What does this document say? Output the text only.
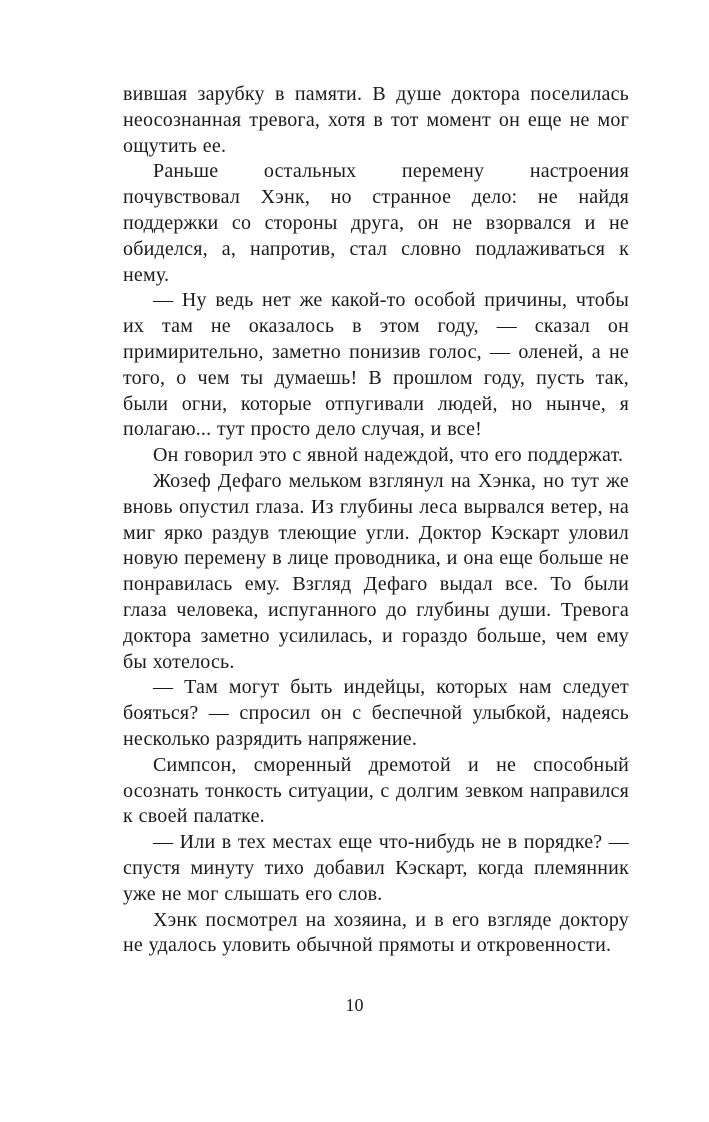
вившая зарубку в памяти. В душе доктора поселилась неосознанная тревога, хотя в тот момент он еще не мог ощутить ее.

Раньше остальных перемену настроения почувствовал Хэнк, но странное дело: не найдя поддержки со стороны друга, он не взорвался и не обиделся, а, напротив, стал словно подлаживаться к нему.

— Ну ведь нет же какой-то особой причины, чтобы их там не оказалось в этом году, — сказал он примирительно, заметно понизив голос, — оленей, а не того, о чем ты думаешь! В прошлом году, пусть так, были огни, которые отпугивали людей, но нынче, я полагаю... тут просто дело случая, и все!

Он говорил это с явной надеждой, что его поддержат.

Жозеф Дефаго мельком взглянул на Хэнка, но тут же вновь опустил глаза. Из глубины леса вырвался ветер, на миг ярко раздув тлеющие угли. Доктор Кэскарт уловил новую перемену в лице проводника, и она еще больше не понравилась ему. Взгляд Дефаго выдал все. То были глаза человека, испуганного до глубины души. Тревога доктора заметно усилилась, и гораздо больше, чем ему бы хотелось.

— Там могут быть индейцы, которых нам следует бояться? — спросил он с беспечной улыбкой, надеясь несколько разрядить напряжение.

Симпсон, сморенный дремотой и не способный осознать тонкость ситуации, с долгим зевком направился к своей палатке.

— Или в тех местах еще что-нибудь не в порядке? — спустя минуту тихо добавил Кэскарт, когда племянник уже не мог слышать его слов.

Хэнк посмотрел на хозяина, и в его взгляде доктору не удалось уловить обычной прямоты и откровенности.

10
